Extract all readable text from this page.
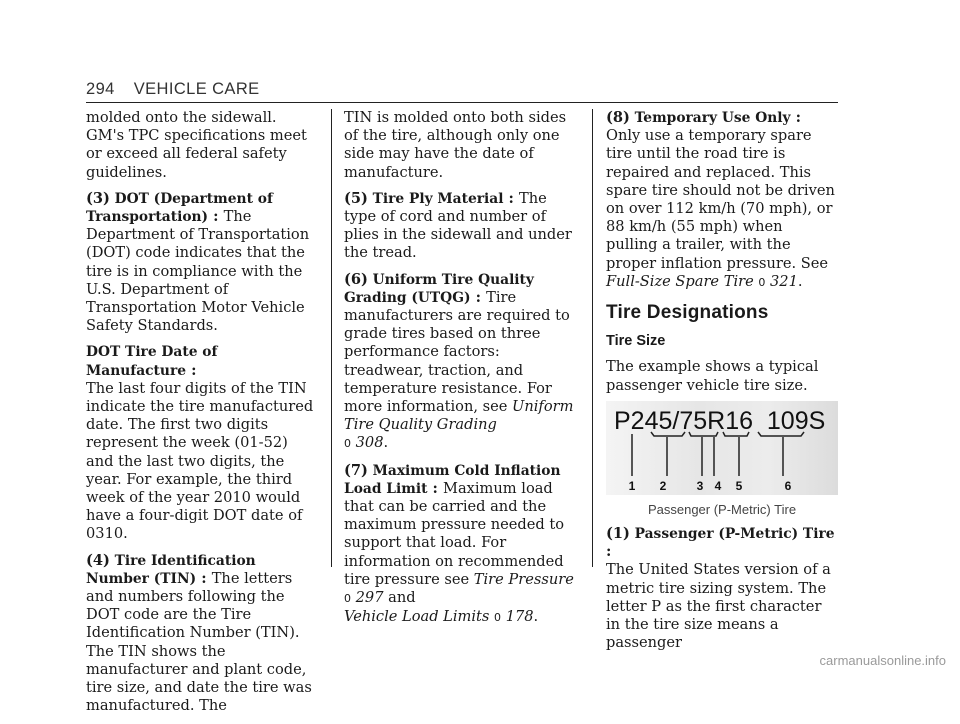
294 VEHICLE CARE

molded onto the sidewall. GM's TPC specifications meet or exceed all federal safety guidelines.

(3) DOT (Department of Transportation) : The Department of Transportation (DOT) code indicates that the tire is in compliance with the U.S. Department of Transportation Motor Vehicle Safety Standards.

DOT Tire Date of Manufacture :
The last four digits of the TIN indicate the tire manufactured date. The first two digits represent the week (01-52) and the last two digits, the year. For example, the third week of the year 2010 would have a four-digit DOT date of 0310.

(4) Tire Identification Number (TIN) : The letters and numbers following the DOT code are the Tire Identification Number (TIN). The TIN shows the manufacturer and plant code, tire size, and date the tire was manufactured. The

TIN is molded onto both sides of the tire, although only one side may have the date of manufacture.

(5) Tire Ply Material : The type of cord and number of plies in the sidewall and under the tread.

(6) Uniform Tire Quality Grading (UTQG) : Tire manufacturers are required to grade tires based on three performance factors: treadwear, traction, and temperature resistance. For more information, see Uniform Tire Quality Grading
0 308.

(7) Maximum Cold Inflation Load Limit : Maximum load that can be carried and the maximum pressure needed to support that load. For information on recommended tire pressure see Tire Pressure 0 297 and
Vehicle Load Limits 0 178.

(8) Temporary Use Only : Only use a temporary spare tire until the road tire is repaired and replaced. This spare tire should not be driven on over 112 km/h (70 mph), or 88 km/h (55 mph) when pulling a trailer, with the proper inflation pressure. See
Full-Size Spare Tire 0 321.

Tire Designations
Tire Size

The example shows a typical passenger vehicle tire size.

P245/75R16  109S
1 2	3 4 5	6
Passenger (P-Metric) Tire

(1) Passenger (P-Metric) Tire :
The United States version of a metric tire sizing system. The letter P as the first character in the tire size means a passenger

carmanualsonline.info
